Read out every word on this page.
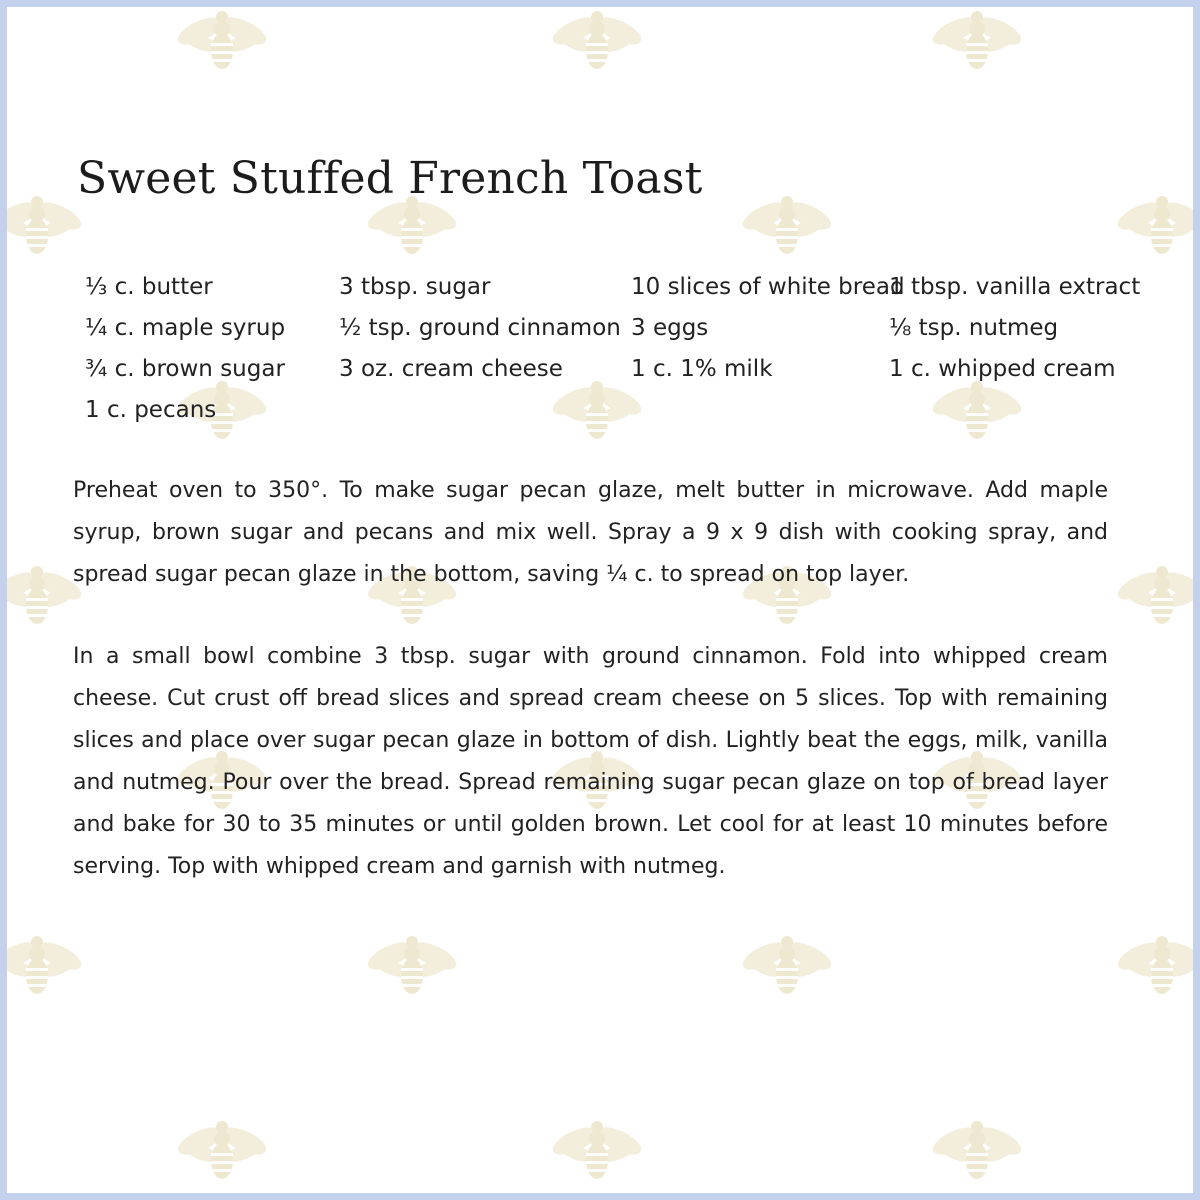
Sweet Stuffed French Toast
⅓ c. butter
¼ c. maple syrup
¾ c. brown sugar
1 c. pecans
3 tbsp. sugar
½ tsp. ground cinnamon
3 oz. cream cheese
10 slices of white bread
3 eggs
1 c. 1% milk
1 tbsp. vanilla extract
⅛ tsp. nutmeg
1 c. whipped cream

Preheat oven to 350°. To make sugar pecan glaze, melt butter in microwave. Add maple syrup, brown sugar and pecans and mix well. Spray a 9 x 9 dish with cooking spray, and spread sugar pecan glaze in the bottom, saving ¼ c. to spread on top layer.

In a small bowl combine 3 tbsp. sugar with ground cinnamon. Fold into whipped cream cheese. Cut crust off bread slices and spread cream cheese on 5 slices. Top with remaining slices and place over sugar pecan glaze in bottom of dish. Lightly beat the eggs, milk, vanilla and nutmeg. Pour over the bread. Spread remaining sugar pecan glaze on top of bread layer and bake for 30 to 35 minutes or until golden brown. Let cool for at least 10 minutes before serving. Top with whipped cream and garnish with nutmeg.
